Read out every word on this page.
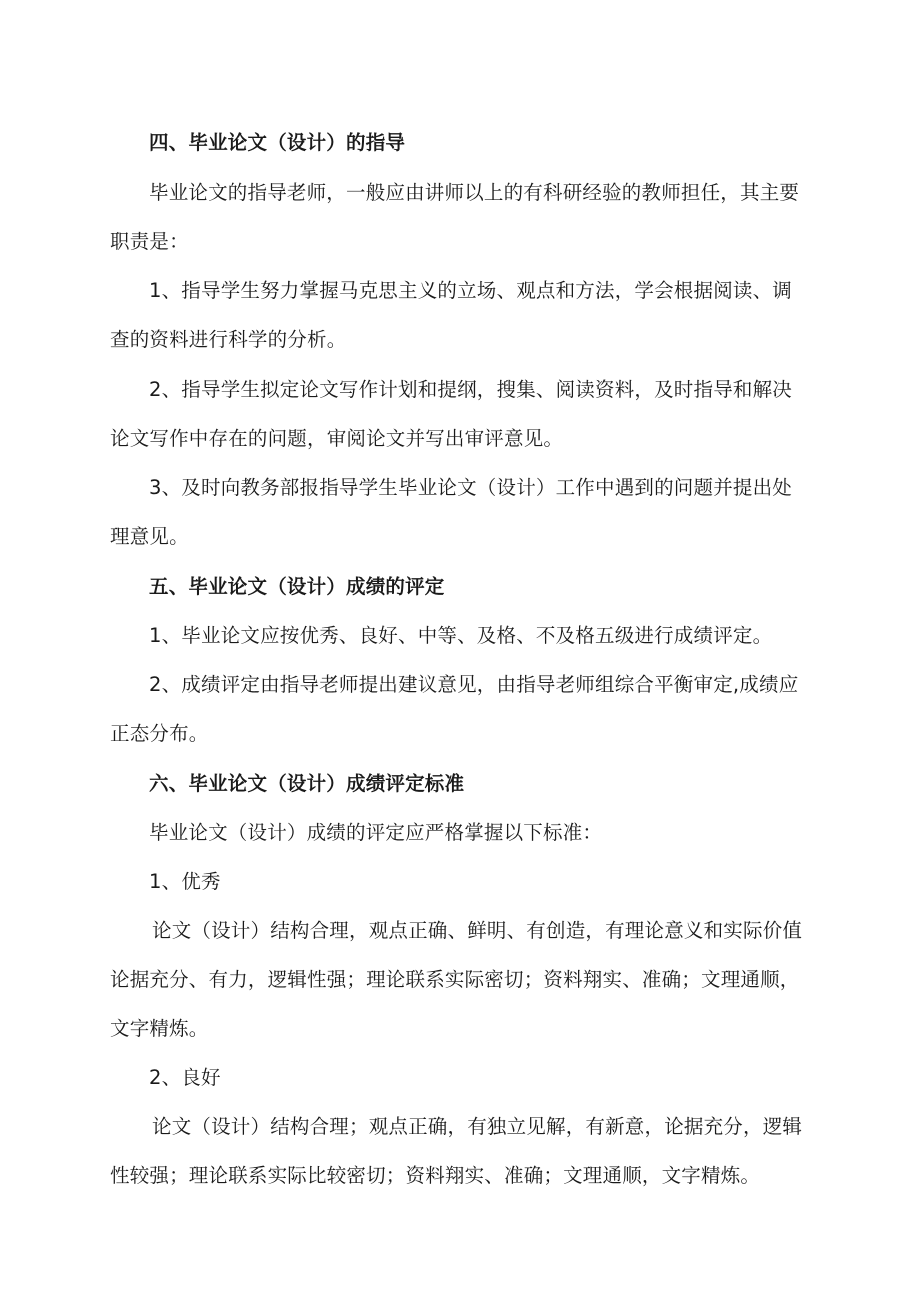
四、毕业论文（设计）的指导
毕业论文的指导老师，一般应由讲师以上的有科研经验的教师担任，其主要
职责是：
1、指导学生努力掌握马克思主义的立场、观点和方法，学会根据阅读、调
查的资料进行科学的分析。
2、指导学生拟定论文写作计划和提纲，搜集、阅读资料，及时指导和解决
论文写作中存在的问题，审阅论文并写出审评意见。
3、及时向教务部报指导学生毕业论文（设计）工作中遇到的问题并提出处
理意见。
五、毕业论文（设计）成绩的评定
1、毕业论文应按优秀、良好、中等、及格、不及格五级进行成绩评定。
2、成绩评定由指导老师提出建议意见，由指导老师组综合平衡审定,成绩应
正态分布。
六、毕业论文（设计）成绩评定标准
毕业论文（设计）成绩的评定应严格掌握以下标准：
1、优秀
论文（设计）结构合理，观点正确、鲜明、有创造，有理论意义和实际价值
论据充分、有力，逻辑性强；理论联系实际密切；资料翔实、准确；文理通顺，
文字精炼。
2、良好
论文（设计）结构合理；观点正确，有独立见解，有新意，论据充分，逻辑
性较强；理论联系实际比较密切；资料翔实、准确；文理通顺，文字精炼。
